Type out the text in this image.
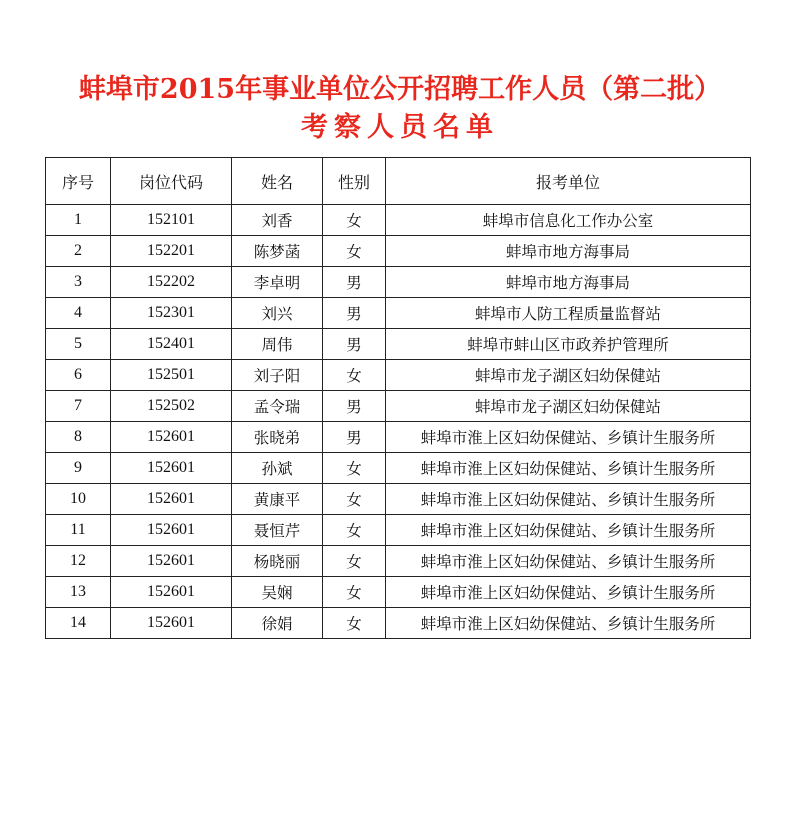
蚌埠市2015年事业单位公开招聘工作人员（第二批）
考察人员名单
序号	岗位代码	姓名	性别	报考单位
1	152101	刘香	女	蚌埠市信息化工作办公室
2	152201	陈梦菡	女	蚌埠市地方海事局
3	152202	李卓明	男	蚌埠市地方海事局
4	152301	刘兴	男	蚌埠市人防工程质量监督站
5	152401	周伟	男	蚌埠市蚌山区市政养护管理所
6	152501	刘子阳	女	蚌埠市龙子湖区妇幼保健站
7	152502	孟令瑞	男	蚌埠市龙子湖区妇幼保健站
8	152601	张晓弟	男	蚌埠市淮上区妇幼保健站、乡镇计生服务所
9	152601	孙斌	女	蚌埠市淮上区妇幼保健站、乡镇计生服务所
10	152601	黄康平	女	蚌埠市淮上区妇幼保健站、乡镇计生服务所
11	152601	聂恒芹	女	蚌埠市淮上区妇幼保健站、乡镇计生服务所
12	152601	杨晓丽	女	蚌埠市淮上区妇幼保健站、乡镇计生服务所
13	152601	吴娴	女	蚌埠市淮上区妇幼保健站、乡镇计生服务所
14	152601	徐娟	女	蚌埠市淮上区妇幼保健站、乡镇计生服务所
